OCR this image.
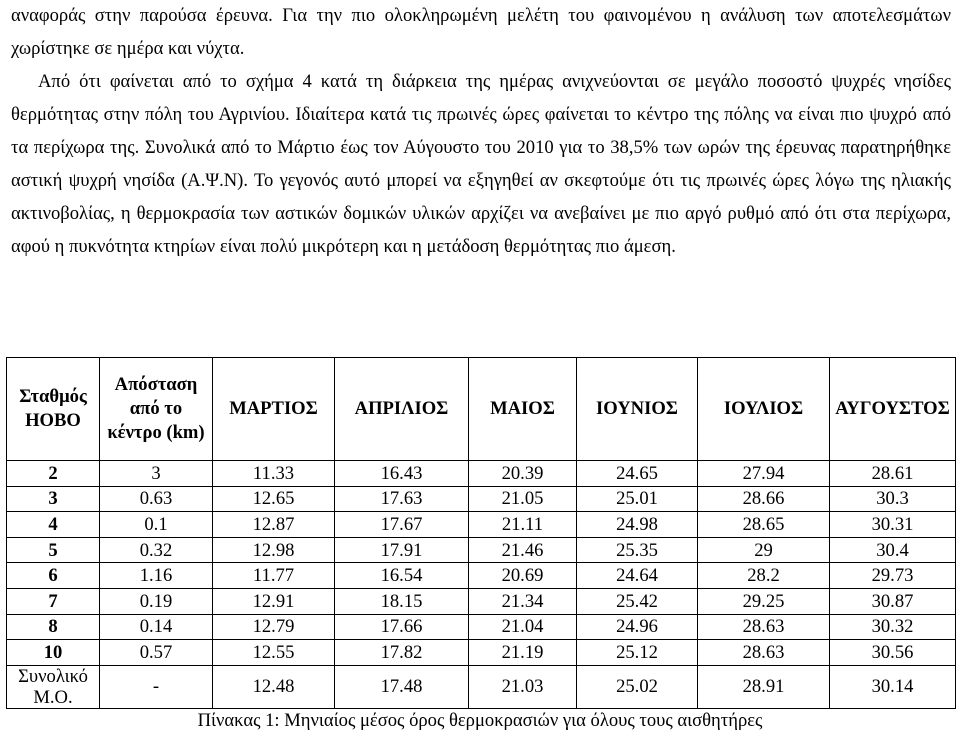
αναφοράς στην παρούσα έρευνα. Για την πιο ολοκληρωμένη μελέτη του φαινομένου η ανάλυση των αποτελεσμάτων χωρίστηκε σε ημέρα και νύχτα.

Από ότι φαίνεται από το σχήμα 4 κατά τη διάρκεια της ημέρας ανιχνεύονται σε μεγάλο ποσοστό ψυχρές νησίδες θερμότητας στην πόλη του Αγρινίου. Ιδιαίτερα κατά τις πρωινές ώρες φαίνεται το κέντρο της πόλης να είναι πιο ψυχρό από τα περίχωρα της. Συνολικά από το Μάρτιο έως τον Αύγουστο του 2010 για το 38,5% των ωρών της έρευνας παρατηρήθηκε αστική ψυχρή νησίδα (Α.Ψ.Ν). Το γεγονός αυτό μπορεί να εξηγηθεί αν σκεφτούμε ότι τις πρωινές ώρες λόγω της ηλιακής ακτινοβολίας, η θερμοκρασία των αστικών δομικών υλικών αρχίζει να ανεβαίνει με πιο αργό ρυθμό από ότι στα περίχωρα, αφού η πυκνότητα κτηρίων είναι πολύ μικρότερη και η μετάδοση θερμότητας πιο άμεση.

Σταθμός HOBO	Απόσταση από το κέντρο (km)	ΜΑΡΤΙΟΣ	ΑΠΡΙΛΙΟΣ	ΜΑΙΟΣ	ΙΟΥΝΙΟΣ	ΙΟΥΛΙΟΣ	ΑΥΓΟΥΣΤΟΣ
2	3	11.33	16.43	20.39	24.65	27.94	28.61
3	0.63	12.65	17.63	21.05	25.01	28.66	30.3
4	0.1	12.87	17.67	21.11	24.98	28.65	30.31
5	0.32	12.98	17.91	21.46	25.35	29	30.4
6	1.16	11.77	16.54	20.69	24.64	28.2	29.73
7	0.19	12.91	18.15	21.34	25.42	29.25	30.87
8	0.14	12.79	17.66	21.04	24.96	28.63	30.32
10	0.57	12.55	17.82	21.19	25.12	28.63	30.56
Συνολικό Μ.Ο.	-	12.48	17.48	21.03	25.02	28.91	30.14
Πίνακας 1: Μηνιαίος μέσος όρος θερμοκρασιών για όλους τους αισθητήρες
